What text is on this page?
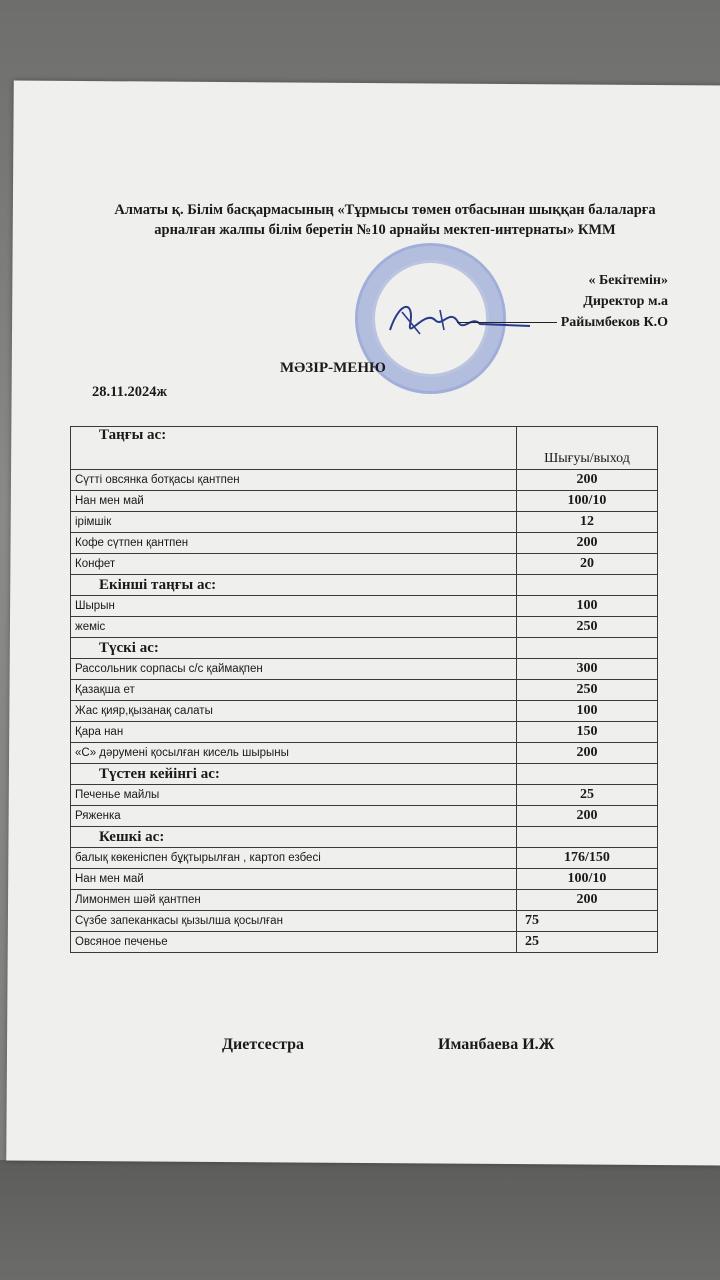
Алматы қ. Білім басқармасының «Тұрмысы төмен отбасынан шыққан балаларға арналған жалпы білім беретін №10 арнайы мектеп-интернаты» КММ
« Бекітемін»
Директор м.а
Райымбеков К.О
МӘЗІР-МЕНЮ
28.11.2024ж
Таңғы ас:	Шығуы/выход
Сүтті овсянка ботқасы қантпен	200
Нан мен май	100/10
ірімшік	12
Кофе сүтпен қантпен	200
Конфет	20
Екінші таңғы ас:	
Шырын	100
жеміс	250
Түскі ас:	
Рассольник сорпасы с/с қаймақпен	300
Қазақша ет	250
Жас қияр,қызанақ салаты	100
Қара нан	150
«С» дәруменi қосылған кисель шырыны	200
Түстен кейінгі ас:	
Печенье майлы	25
Ряженка	200
Кешкі ас:	
балық көкеніспен бұқтырылған , картоп езбесі	176/150
Нан мен май	100/10
Лимонмен шәй қантпен	200
Сүзбе запеканкасы қызылша қосылған	75
Овсяное печенье	25
Диетсестра	Иманбаева И.Ж
